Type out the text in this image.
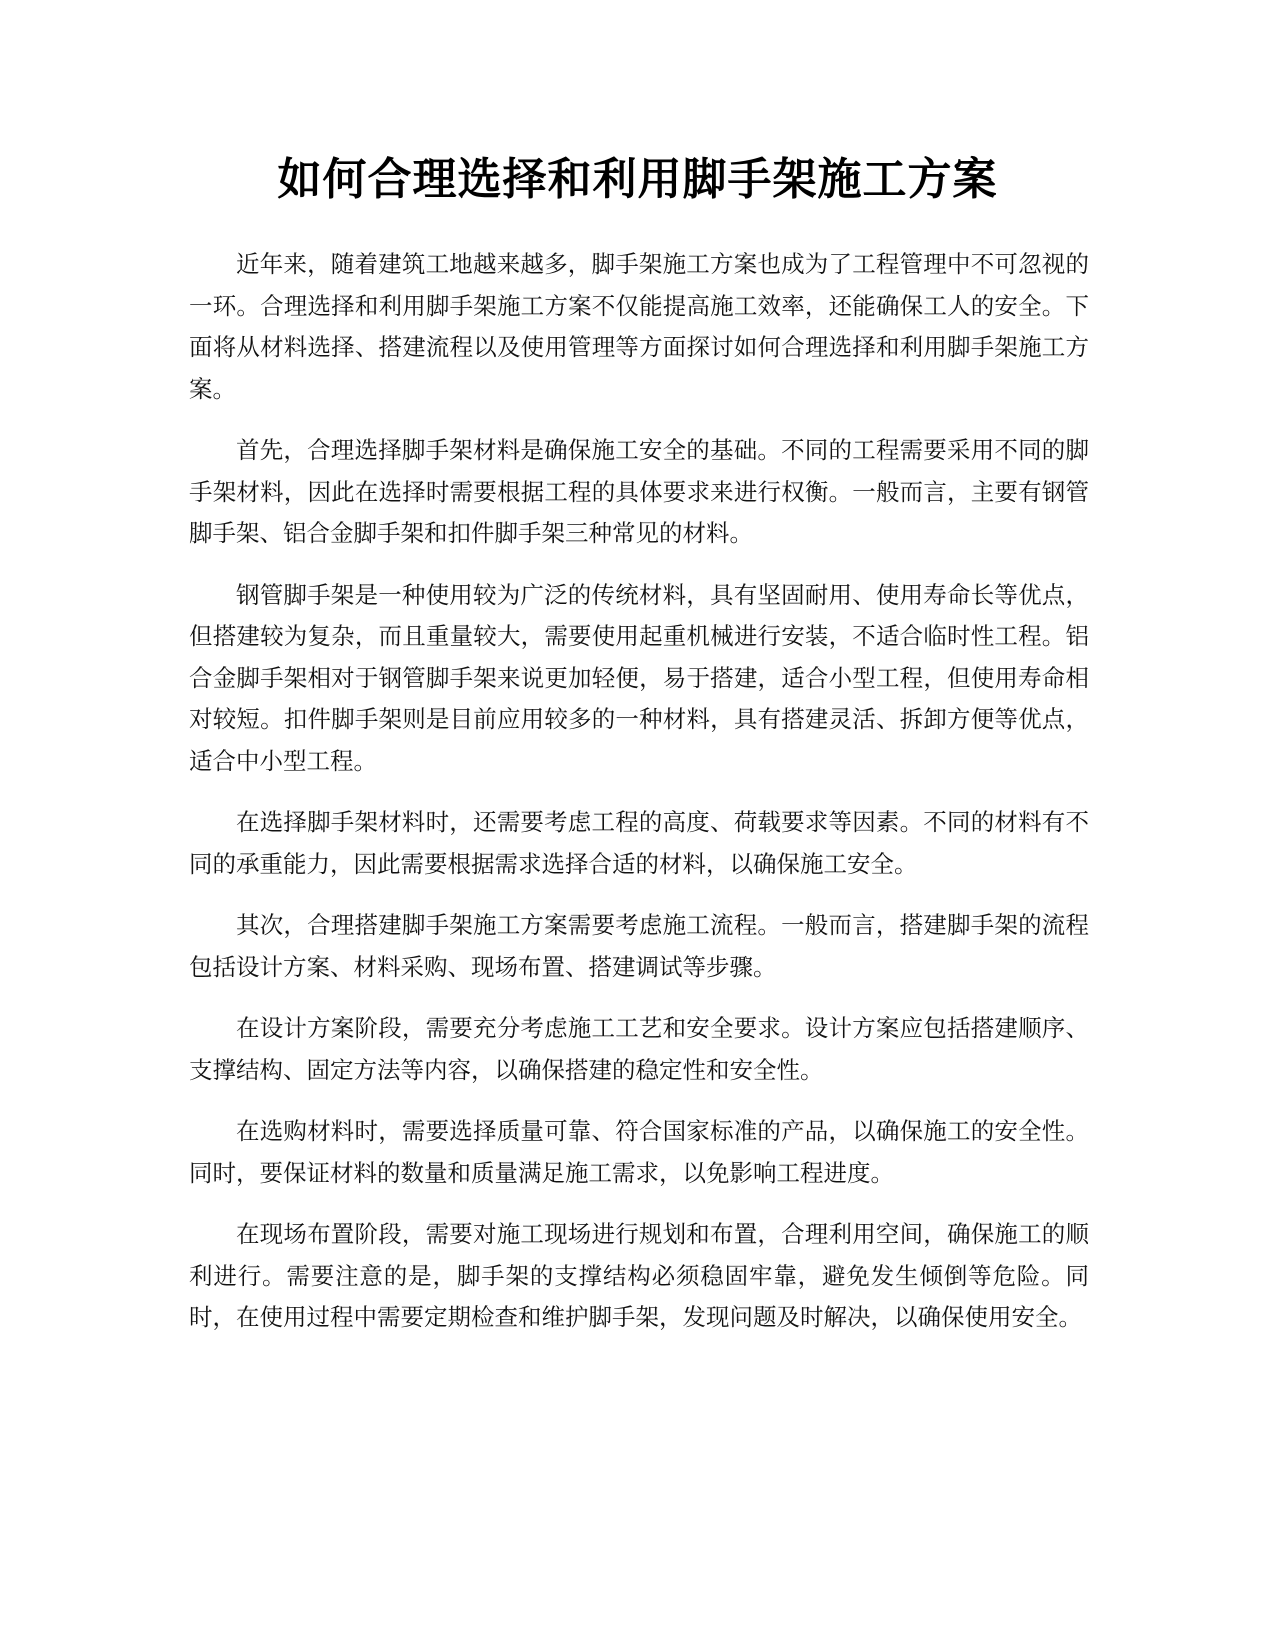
如何合理选择和利用脚手架施工方案

近年来，随着建筑工地越来越多，脚手架施工方案也成为了工程管理中不可忽视的一环。合理选择和利用脚手架施工方案不仅能提高施工效率，还能确保工人的安全。下面将从材料选择、搭建流程以及使用管理等方面探讨如何合理选择和利用脚手架施工方案。

首先，合理选择脚手架材料是确保施工安全的基础。不同的工程需要采用不同的脚手架材料，因此在选择时需要根据工程的具体要求来进行权衡。一般而言，主要有钢管脚手架、铝合金脚手架和扣件脚手架三种常见的材料。

钢管脚手架是一种使用较为广泛的传统材料，具有坚固耐用、使用寿命长等优点，但搭建较为复杂，而且重量较大，需要使用起重机械进行安装，不适合临时性工程。铝合金脚手架相对于钢管脚手架来说更加轻便，易于搭建，适合小型工程，但使用寿命相对较短。扣件脚手架则是目前应用较多的一种材料，具有搭建灵活、拆卸方便等优点，适合中小型工程。

在选择脚手架材料时，还需要考虑工程的高度、荷载要求等因素。不同的材料有不同的承重能力，因此需要根据需求选择合适的材料，以确保施工安全。

其次，合理搭建脚手架施工方案需要考虑施工流程。一般而言，搭建脚手架的流程包括设计方案、材料采购、现场布置、搭建调试等步骤。

在设计方案阶段，需要充分考虑施工工艺和安全要求。设计方案应包括搭建顺序、支撑结构、固定方法等内容，以确保搭建的稳定性和安全性。

在选购材料时，需要选择质量可靠、符合国家标准的产品，以确保施工的安全性。同时，要保证材料的数量和质量满足施工需求，以免影响工程进度。

在现场布置阶段，需要对施工现场进行规划和布置，合理利用空间，确保施工的顺利进行。需要注意的是，脚手架的支撑结构必须稳固牢靠，避免发生倾倒等危险。同时，在使用过程中需要定期检查和维护脚手架，发现问题及时解决，以确保使用安全。
